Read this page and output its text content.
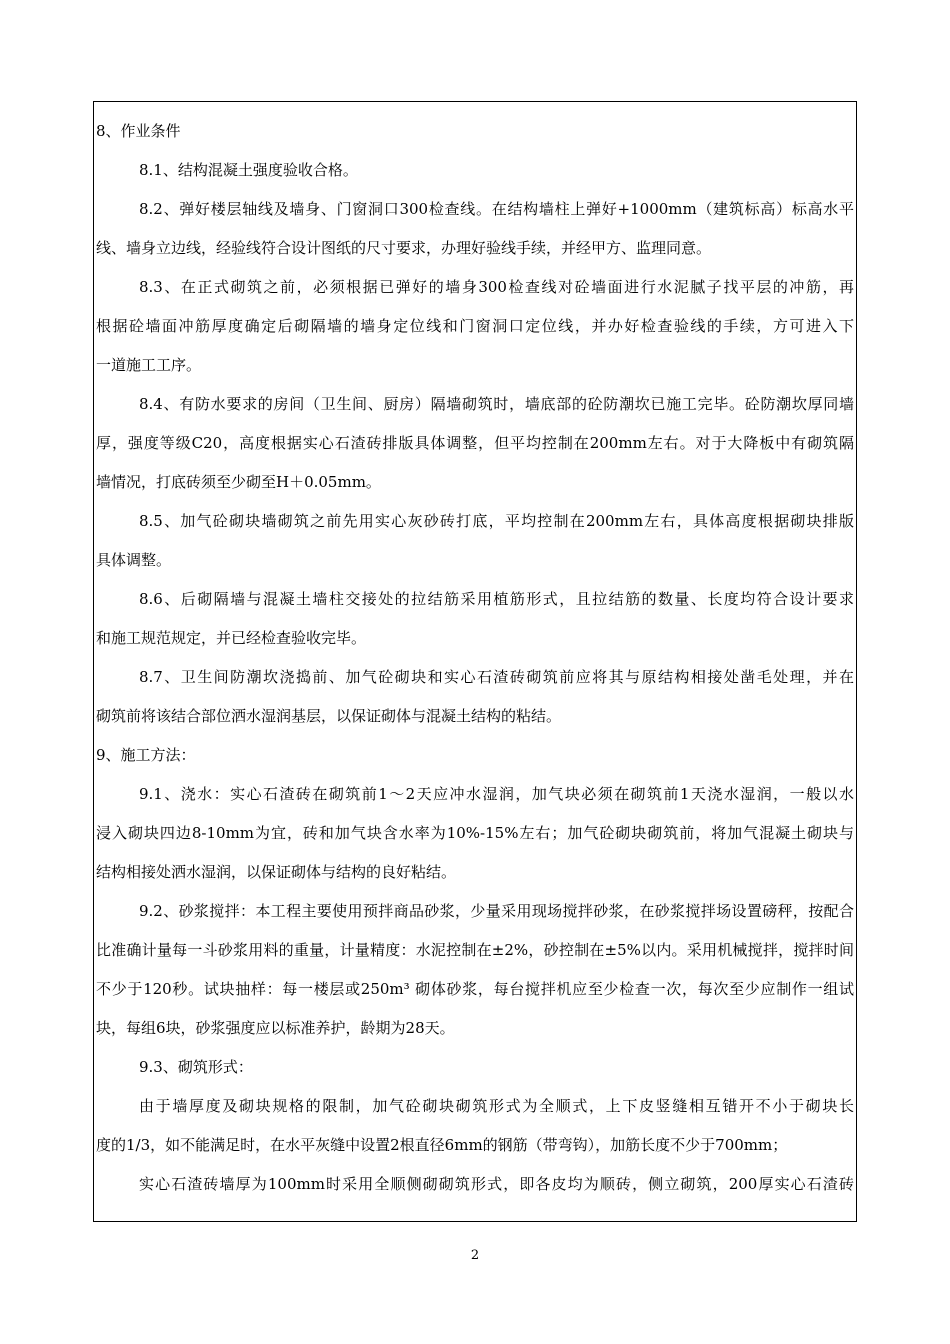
8、作业条件
8.1、结构混凝土强度验收合格。
8.2、弹好楼层轴线及墙身、门窗洞口300检查线。在结构墙柱上弹好+1000mm（建筑标高）标高水平
线、墙身立边线，经验线符合设计图纸的尺寸要求，办理好验线手续，并经甲方、监理同意。
8.3、在正式砌筑之前，必须根据已弹好的墙身300检查线对砼墙面进行水泥腻子找平层的冲筋，再
根据砼墙面冲筋厚度确定后砌隔墙的墙身定位线和门窗洞口定位线，并办好检查验线的手续，方可进入下
一道施工工序。
8.4、有防水要求的房间（卫生间、厨房）隔墙砌筑时，墙底部的砼防潮坎已施工完毕。砼防潮坎厚同墙
厚，强度等级C20，高度根据实心石渣砖排版具体调整，但平均控制在200mm左右。对于大降板中有砌筑隔
墙情况，打底砖须至少砌至H＋0.05mm。
8.5、加气砼砌块墙砌筑之前先用实心灰砂砖打底，平均控制在200mm左右，具体高度根据砌块排版
具体调整。
8.6、后砌隔墙与混凝土墙柱交接处的拉结筋采用植筋形式，且拉结筋的数量、长度均符合设计要求
和施工规范规定，并已经检查验收完毕。
8.7、卫生间防潮坎浇捣前、加气砼砌块和实心石渣砖砌筑前应将其与原结构相接处凿毛处理，并在
砌筑前将该结合部位洒水湿润基层，以保证砌体与混凝土结构的粘结。
9、施工方法：
9.1、浇水：实心石渣砖在砌筑前1～2天应冲水湿润，加气块必须在砌筑前1天浇水湿润，一般以水
浸入砌块四边8-10mm为宜，砖和加气块含水率为10%-15%左右；加气砼砌块砌筑前，将加气混凝土砌块与
结构相接处洒水湿润，以保证砌体与结构的良好粘结。
9.2、砂浆搅拌：本工程主要使用预拌商品砂浆，少量采用现场搅拌砂浆，在砂浆搅拌场设置磅秤，按配合
比准确计量每一斗砂浆用料的重量，计量精度：水泥控制在±2%，砂控制在±5%以内。采用机械搅拌，搅拌时间
不少于120秒。试块抽样：每一楼层或250m³ 砌体砂浆，每台搅拌机应至少检查一次，每次至少应制作一组试
块，每组6块，砂浆强度应以标准养护，龄期为28天。
9.3、砌筑形式：
由于墙厚度及砌块规格的限制，加气砼砌块砌筑形式为全顺式，上下皮竖缝相互错开不小于砌块长
度的1/3，如不能满足时，在水平灰缝中设置2根直径6mm的钢筋（带弯钩），加筋长度不少于700mm；
实心石渣砖墙厚为100mm时采用全顺侧砌砌筑形式，即各皮均为顺砖，侧立砌筑，200厚实心石渣砖
2
